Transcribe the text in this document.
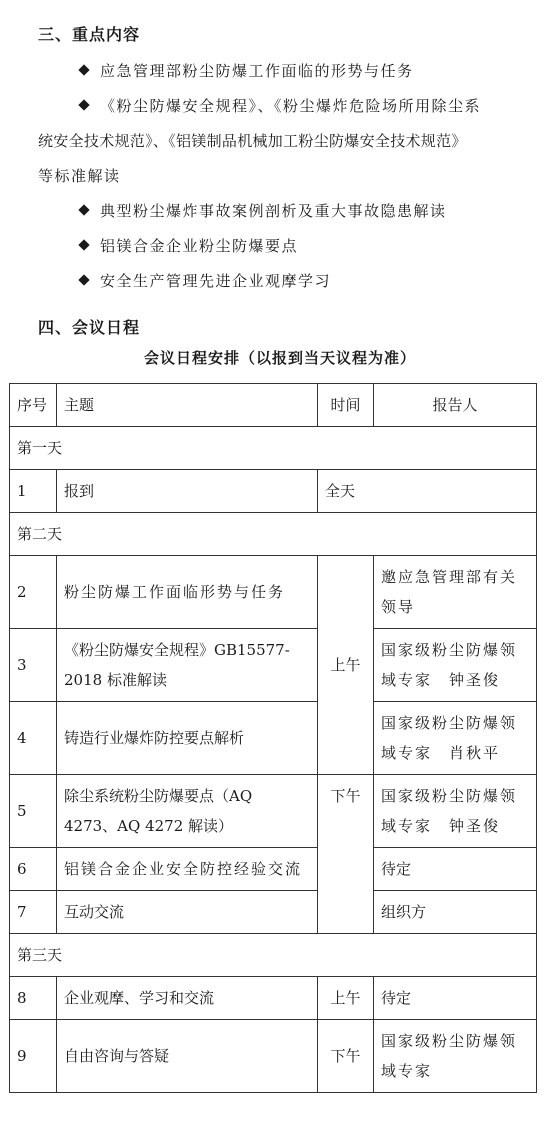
三、重点内容
应急管理部粉尘防爆工作面临的形势与任务
《粉尘防爆安全规程》、《粉尘爆炸危险场所用除尘系
统安全技术规范》、《铝镁制品机械加工粉尘防爆安全技术规范》
等标准解读
典型粉尘爆炸事故案例剖析及重大事故隐患解读
铝镁合金企业粉尘防爆要点
安全生产管理先进企业观摩学习
四、会议日程
会议日程安排（以报到当天议程为准）
序号	主题	时间	报告人
第一天			
1	报到	全天	
第二天			
2	粉尘防爆工作面临形势与任务	上午	邀应急管理部有关领导
3	《粉尘防爆安全规程》GB15577-2018 标准解读		国家级粉尘防爆领域专家　钟圣俊
4	铸造行业爆炸防控要点解析		国家级粉尘防爆领域专家　肖秋平
5	除尘系统粉尘防爆要点（AQ 4273、AQ 4272 解读）	下午	国家级粉尘防爆领域专家　钟圣俊
6	铝镁合金企业安全防控经验交流		待定
7	互动交流		组织方
第三天			
8	企业观摩、学习和交流	上午	待定
9	自由咨询与答疑	下午	国家级粉尘防爆领域专家
